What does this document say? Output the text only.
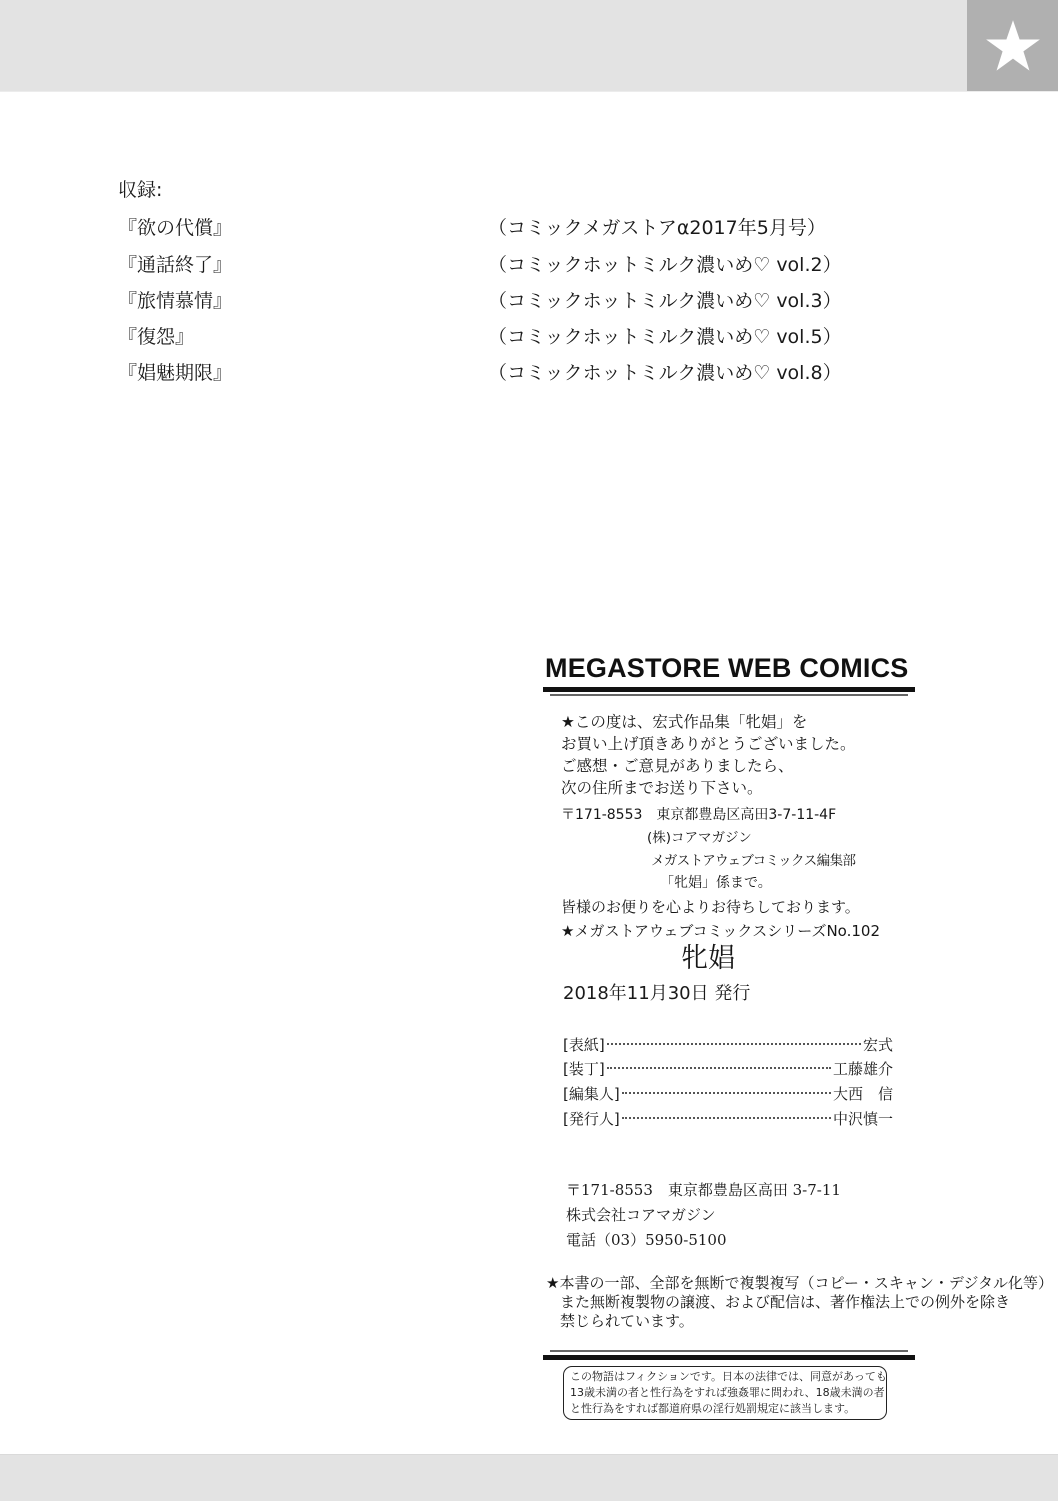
収録:
『欲の代償』	（コミックメガストアα2017年5月号）
『通話終了』	（コミックホットミルク濃いめ♡ vol.2）
『旅情慕情』	（コミックホットミルク濃いめ♡ vol.3）
『復怨』	（コミックホットミルク濃いめ♡ vol.5）
『娼魅期限』	（コミックホットミルク濃いめ♡ vol.8）
MEGASTORE WEB COMICS
★この度は、宏式作品集「牝娼」を
お買い上げ頂きありがとうございました。
ご感想・ご意見がありましたら、
次の住所までお送り下さい。
〒171-8553　東京都豊島区高田3-7-11-4F
(株)コアマガジン
メガストアウェブコミックス編集部
「牝娼」係まで。
皆様のお便りを心よりお待ちしております。
★メガストアウェブコミックスシリーズNo.102
牝娼
2018年11月30日 発行
[表紙]	宏式
[装丁]	工藤雄介
[編集人]	大西　信
[発行人]	中沢慎一
〒171-8553　東京都豊島区高田 3-7-11
株式会社コアマガジン
電話（03）5950-5100
★本書の一部、全部を無断で複製複写（コピー・スキャン・デジタル化等）
また無断複製物の譲渡、および配信は、著作権法上での例外を除き
禁じられています。
この物語はフィクションです。日本の法律では、同意があっても
13歳未満の者と性行為をすれば強姦罪に問われ、18歳未満の者
と性行為をすれば都道府県の淫行処罰規定に該当します。
